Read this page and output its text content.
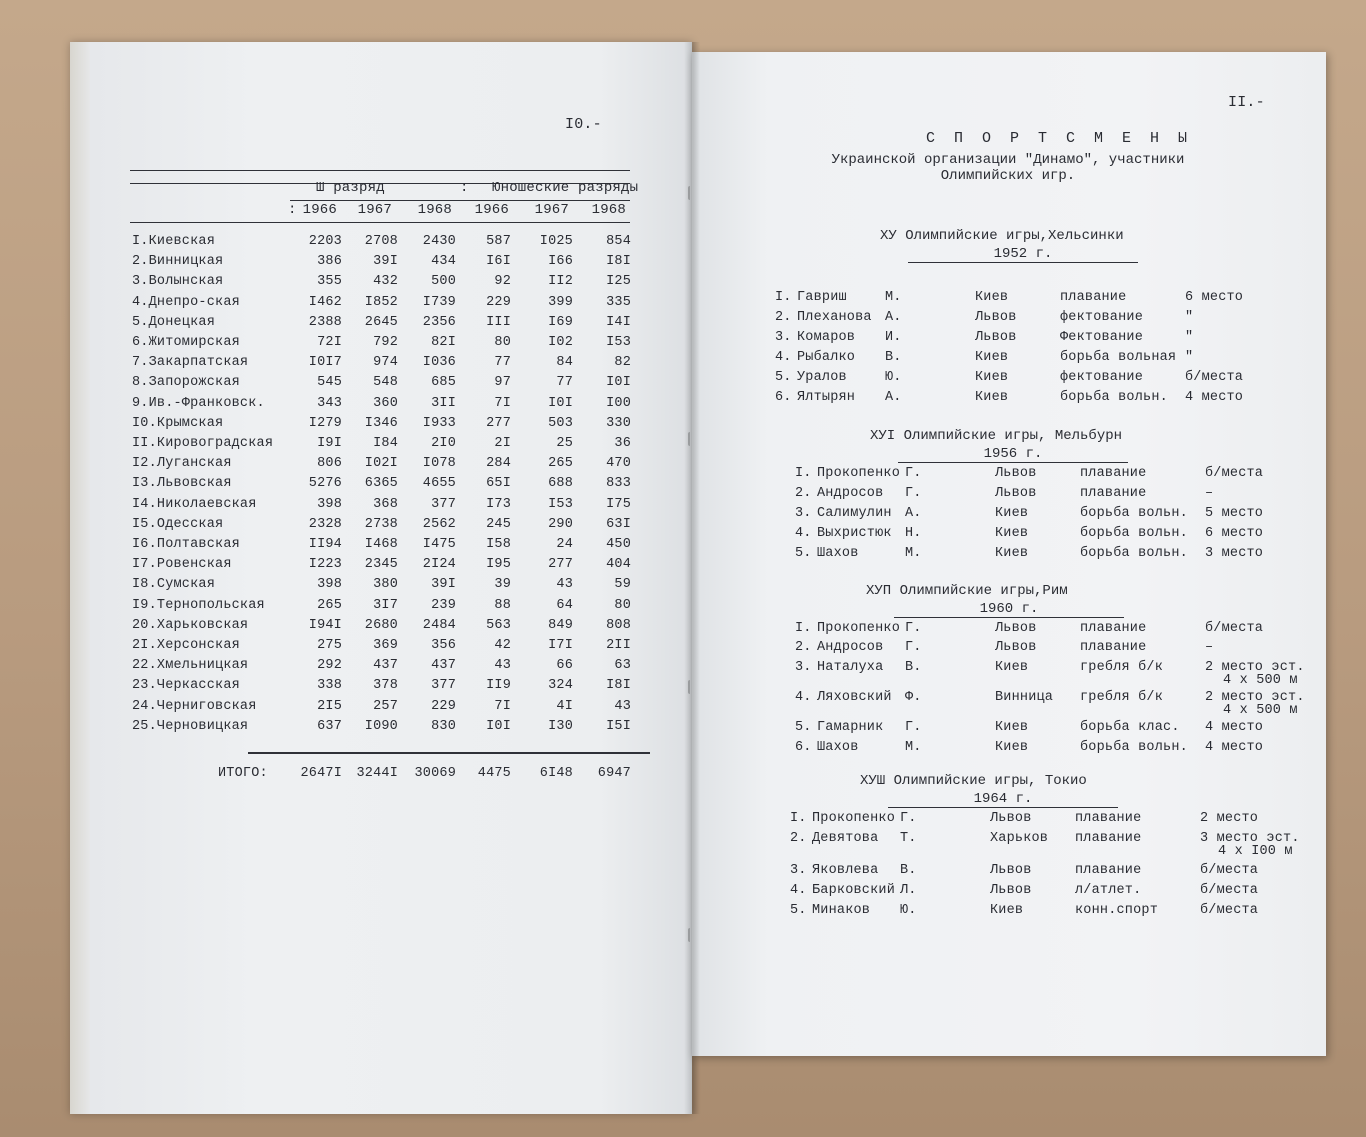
I0.-
Ш разряд	: Юношеские разряды
: 1966	1967	1968	1966	1967	1968
I.Киевская	2203	2708	2430	587	I025	854
2.Винницкая	386	39I	434	I6I	I66	I8I
3.Волынская	355	432	500	92	II2	I25
4.Днепро-ская	I462	I852	I739	229	399	335
5.Донецкая	2388	2645	2356	III	I69	I4I
6.Житомирская	72I	792	82I	80	I02	I53
7.Закарпатская	I0I7	974	I036	77	84	82
8.Запорожская	545	548	685	97	77	I0I
9.Ив.-Франковск.	343	360	3II	7I	I0I	I00
I0.Крымская	I279	I346	I933	277	503	330
II.Кировоградская	I9I	I84	2I0	2I	25	36
I2.Луганская	806	I02I	I078	284	265	470
I3.Львовская	5276	6365	4655	65I	688	833
I4.Николаевская	398	368	377	I73	I53	I75
I5.Одесская	2328	2738	2562	245	290	63I
I6.Полтавская	II94	I468	I475	I58	24	450
I7.Ровенская	I223	2345	2I24	I95	277	404
I8.Сумская	398	380	39I	39	43	59
I9.Тернопольская	265	3I7	239	88	64	80
20.Харьковская	I94I	2680	2484	563	849	808
2I.Херсонская	275	369	356	42	I7I	2II
22.Хмельницкая	292	437	437	43	66	63
23.Черкасская	338	378	377	II9	324	I8I
24.Черниговская	2I5	257	229	7I	4I	43
25.Черновицкая	637	I090	830	I0I	I30	I5I
ИТОГО:	2647I	3244I	30069	4475	6I48	6947
II.-
С П О Р Т С М Е Н Ы
Украинской организации "Динамо", участники
Олимпийских игр.
ХУ Олимпийские игры,Хельсинки
1952 г.
I. Гавриш	М.	Киев	плавание	6 место
2. Плеханова А.	Львов	фектование	"
3. Комаров И.	Львов	Фектование	"
4. Рыбалко В.	Киев	борьба вольная "
5. Уралов	Ю.	Киев	фектование	б/места
6. Ялтырян А.	Киев	борьба вольн. 4 место
ХУI Олимпийские игры, Мельбурн
1956 г.
I. Прокопенко Г.	Львов	плавание	б/места
2. Андросов Г.	Львов	плавание	–
3. Салимулин А.	Киев	борьба вольн. 5 место
4. Выхристюк Н.	Киев	борьба вольн. 6 место
5. Шахов	М.	Киев	борьба вольн. 3 место
ХУП Олимпийские игры,Рим
1960 г.
I. Прокопенко Г.	Львов	плавание	б/места
2. Андросов Г.	Львов	плавание	–
3. Наталуха В.	Киев	гребля б/к	2 место эст.
4 х 500 м
4. Ляховский Ф.	Винница гребля б/к	2 место эст.
4 х 500 м
5. Гамарник Г.	Киев	борьба клас. 4 место
6. Шахов	М.	Киев	борьба вольн. 4 место
ХУШ Олимпийские игры, Токио
1964 г.
I. Прокопенко Г.	Львов	плавание	2 место
2. Девятова Т.	Харьков плавание	3 место эст.
4 х I00 м
3. Яковлева В.	Львов	плавание	б/места
4. Барковский Л.	Львов	л/атлет.	б/места
5. Минаков Ю.	Киев	конн.спорт	б/места
